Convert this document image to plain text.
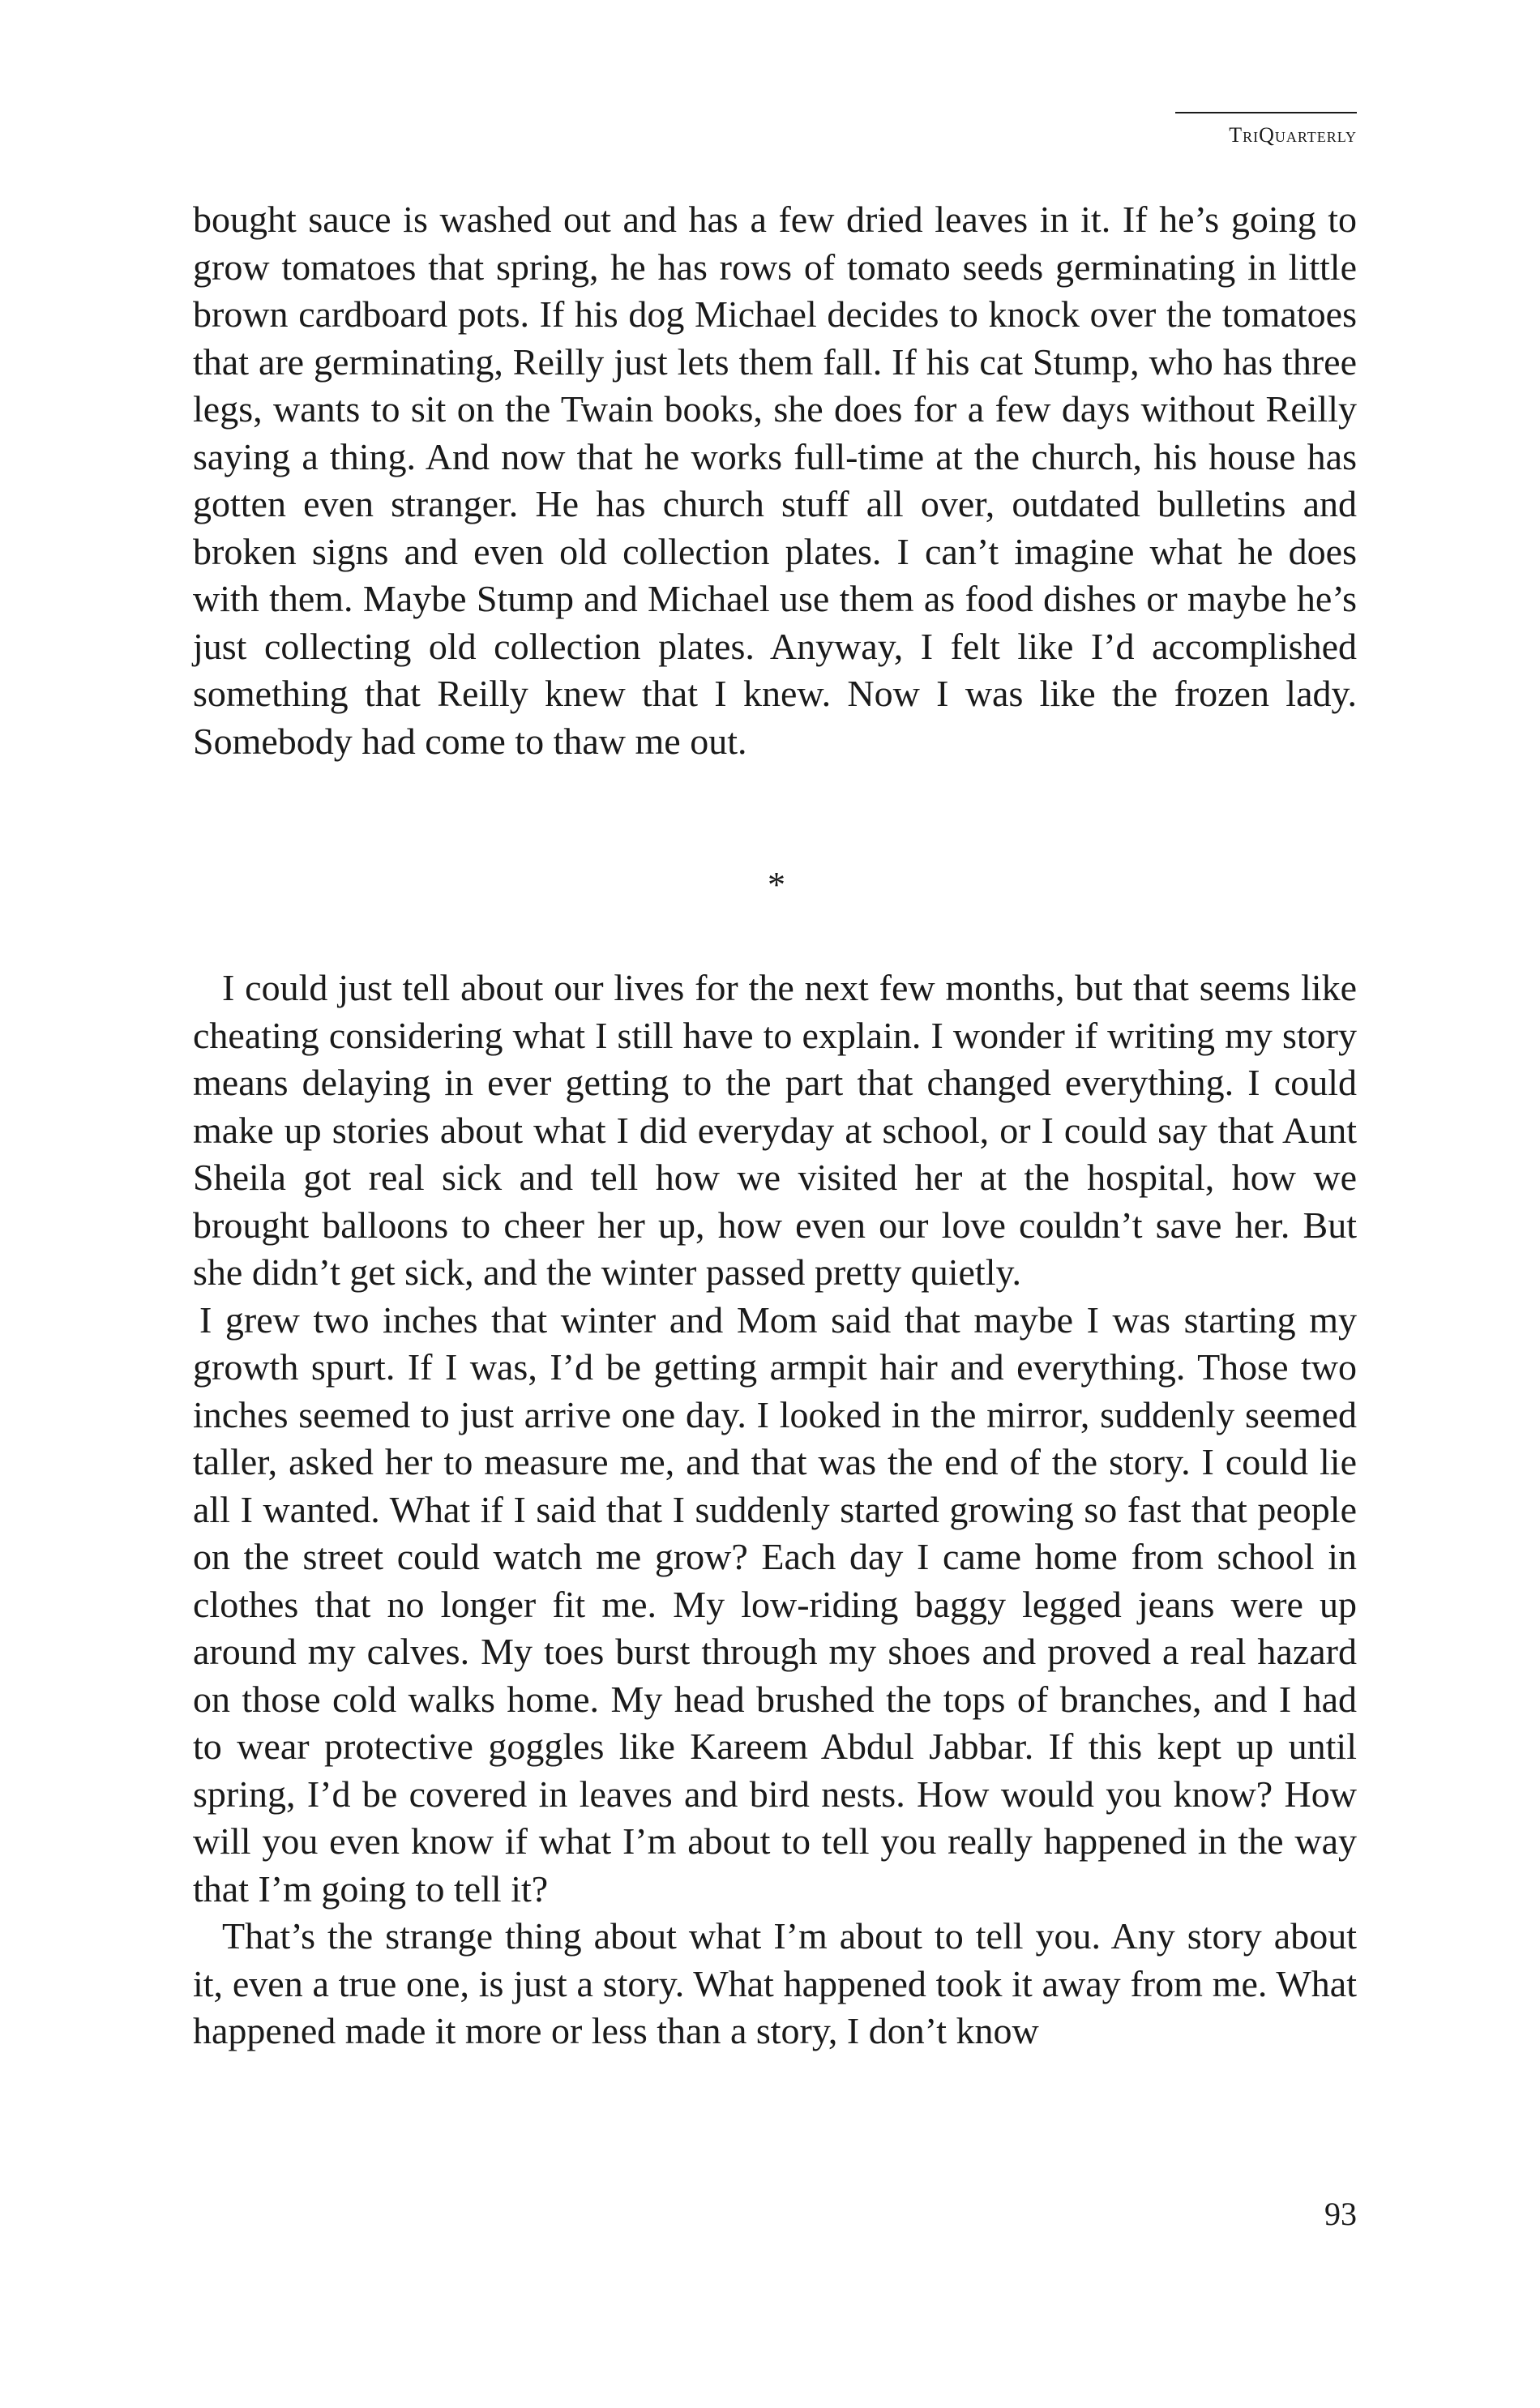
TriQuarterly

bought sauce is washed out and has a few dried leaves in it. If he’s going to grow tomatoes that spring, he has rows of tomato seeds germinating in little brown cardboard pots. If his dog Michael decides to knock over the tomatoes that are germinating, Reilly just lets them fall. If his cat Stump, who has three legs, wants to sit on the Twain books, she does for a few days without Reilly saying a thing. And now that he works full-time at the church, his house has gotten even stranger. He has church stuff all over, outdated bulletins and broken signs and even old collection plates. I can’t imagine what he does with them. Maybe Stump and Michael use them as food dishes or maybe he’s just collecting old collection plates. Anyway, I felt like I’d accomplished something that Reilly knew that I knew. Now I was like the frozen lady. Somebody had come to thaw me out.

*

I could just tell about our lives for the next few months, but that seems like cheating considering what I still have to explain. I wonder if writing my story means delaying in ever getting to the part that changed everything. I could make up stories about what I did everyday at school, or I could say that Aunt Sheila got real sick and tell how we visited her at the hospital, how we brought balloons to cheer her up, how even our love couldn’t save her. But she didn’t get sick, and the winter passed pretty quietly.

I grew two inches that winter and Mom said that maybe I was starting my growth spurt. If I was, I’d be getting armpit hair and everything. Those two inches seemed to just arrive one day. I looked in the mirror, suddenly seemed taller, asked her to measure me, and that was the end of the story. I could lie all I wanted. What if I said that I suddenly started growing so fast that people on the street could watch me grow? Each day I came home from school in clothes that no longer fit me. My low-riding baggy legged jeans were up around my calves. My toes burst through my shoes and proved a real hazard on those cold walks home. My head brushed the tops of branches, and I had to wear protective goggles like Kareem Abdul Jabbar. If this kept up until spring, I’d be covered in leaves and bird nests. How would you know? How will you even know if what I’m about to tell you really happened in the way that I’m going to tell it?

That’s the strange thing about what I’m about to tell you. Any story about it, even a true one, is just a story. What happened took it away from me. What happened made it more or less than a story, I don’t know

93
